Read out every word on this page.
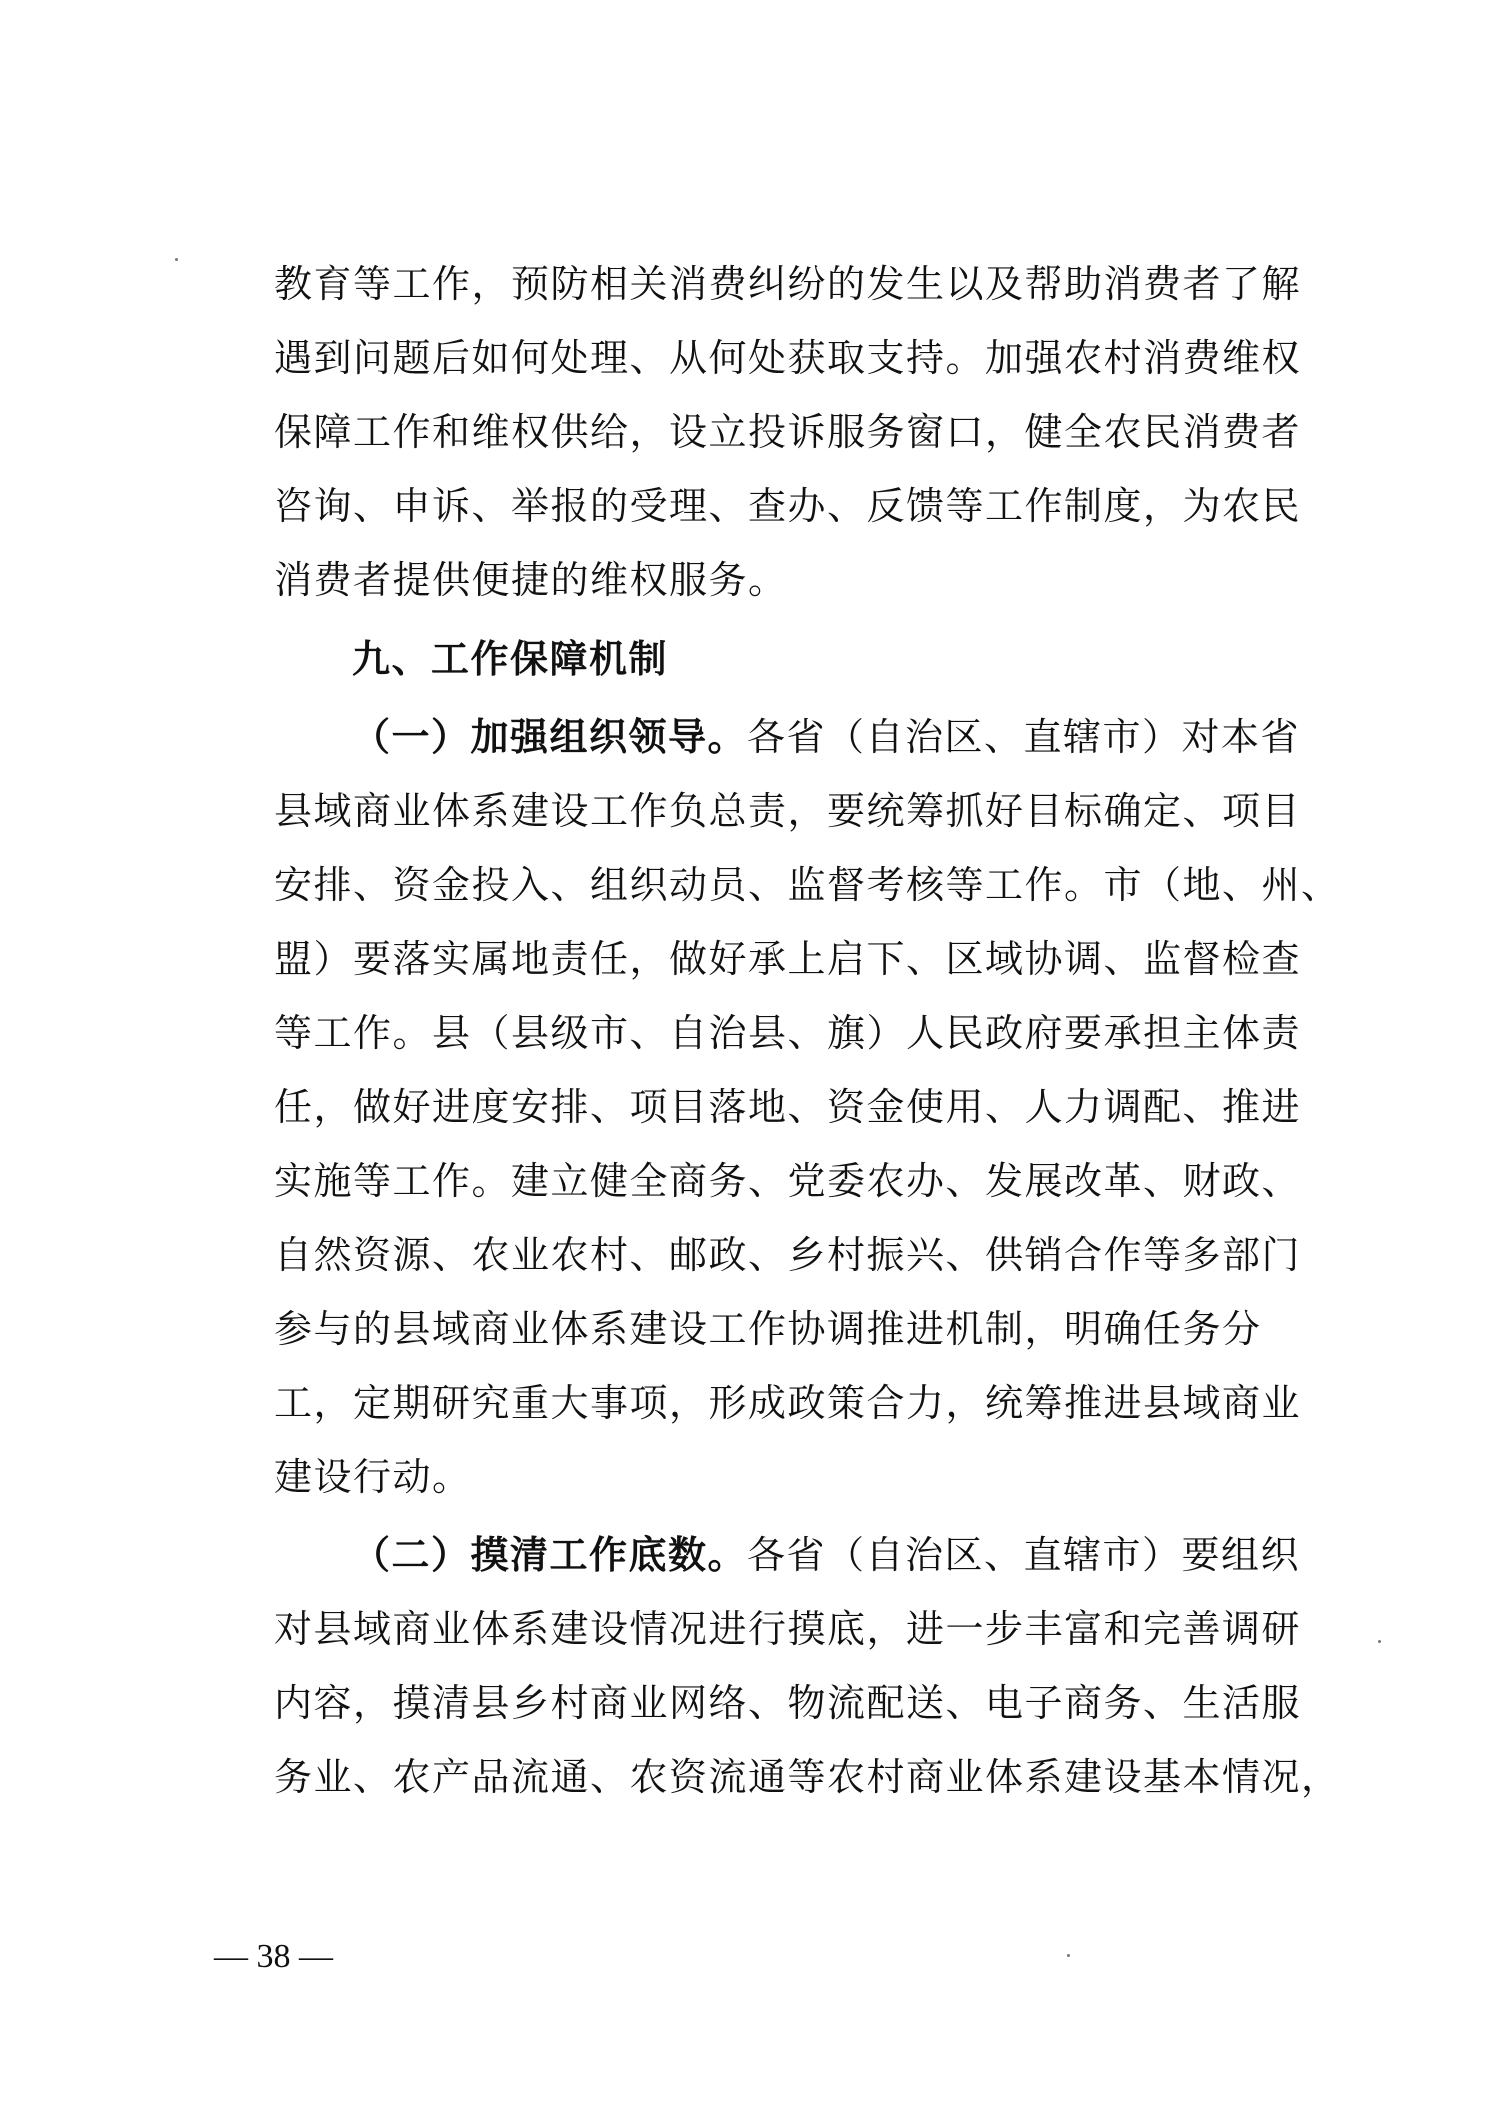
教育等工作，预防相关消费纠纷的发生以及帮助消费者了解
遇到问题后如何处理、从何处获取支持。加强农村消费维权
保障工作和维权供给，设立投诉服务窗口，健全农民消费者
咨询、申诉、举报的受理、查办、反馈等工作制度，为农民
消费者提供便捷的维权服务。
九、工作保障机制
（一）加强组织领导。各省（自治区、直辖市）对本省
县域商业体系建设工作负总责，要统筹抓好目标确定、项目
安排、资金投入、组织动员、监督考核等工作。市（地、州、
盟）要落实属地责任，做好承上启下、区域协调、监督检查
等工作。县（县级市、自治县、旗）人民政府要承担主体责
任，做好进度安排、项目落地、资金使用、人力调配、推进
实施等工作。建立健全商务、党委农办、发展改革、财政、
自然资源、农业农村、邮政、乡村振兴、供销合作等多部门
参与的县域商业体系建设工作协调推进机制，明确任务分
工，定期研究重大事项，形成政策合力，统筹推进县域商业
建设行动。
（二）摸清工作底数。各省（自治区、直辖市）要组织
对县域商业体系建设情况进行摸底，进一步丰富和完善调研
内容，摸清县乡村商业网络、物流配送、电子商务、生活服
务业、农产品流通、农资流通等农村商业体系建设基本情况，
— 38 —
